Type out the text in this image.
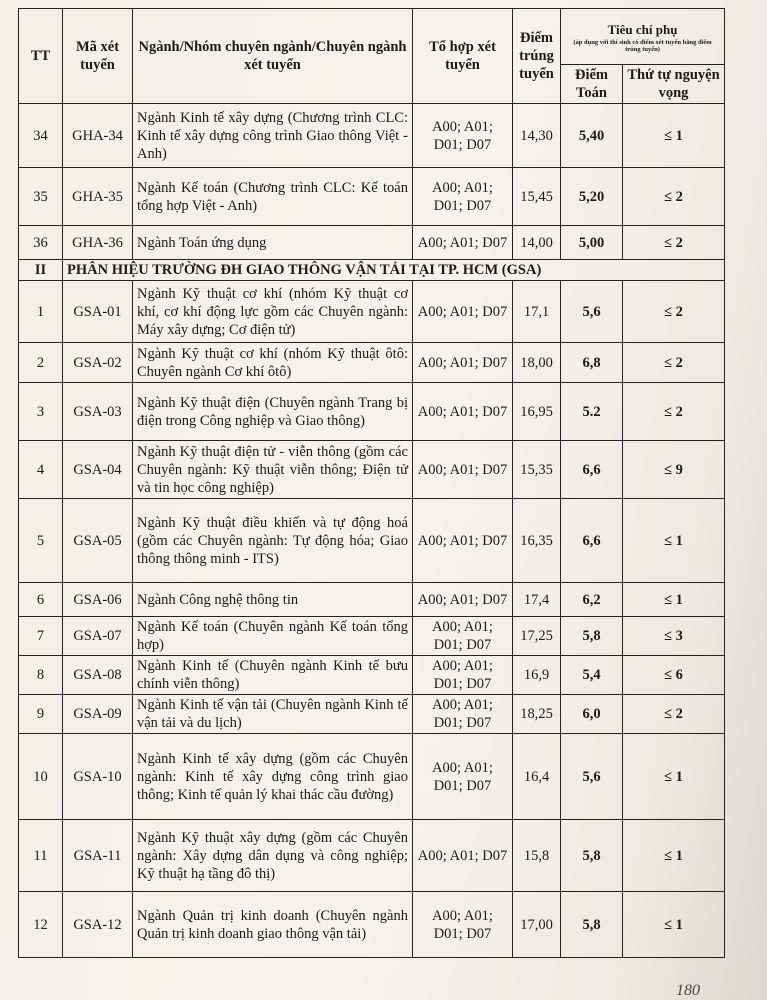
TT	Mã xét tuyển	Ngành/Nhóm chuyên ngành/Chuyên ngành xét tuyển	Tổ hợp xét tuyển	Điểm trúng tuyển	Tiêu chí phụ
(áp dụng với thí sinh có điểm xét tuyển bằng điểm trúng tuyển)	

					Điểm Toán	Thứ tự nguyện vọng
34	GHA-34	Ngành Kinh tế xây dựng (Chương trình CLC: Kinh tế xây dựng công trình Giao thông Việt - Anh)	A00; A01; D01; D07	14,30	5,40	≤ 1
35	GHA-35	Ngành Kế toán (Chương trình CLC: Kế toán tổng hợp Việt - Anh)	A00; A01; D01; D07	15,45	5,20	≤ 2
36	GHA-36	Ngành Toán ứng dụng	A00; A01; D07	14,00	5,00	≤ 2
II	PHÂN HIỆU TRƯỜNG ĐH GIAO THÔNG VẬN TẢI TẠI TP. HCM (GSA)					
1	GSA-01	Ngành Kỹ thuật cơ khí (nhóm Kỹ thuật cơ khí, cơ khí động lực gồm các Chuyên ngành: Máy xây dựng; Cơ điện tử)	A00; A01; D07	17,1	5,6	≤ 2
2	GSA-02	Ngành Kỹ thuật cơ khí (nhóm Kỹ thuật ôtô: Chuyên ngành Cơ khí ôtô)	A00; A01; D07	18,00	6,8	≤ 2
3	GSA-03	Ngành Kỹ thuật điện (Chuyên ngành Trang bị điện trong Công nghiệp và Giao thông)	A00; A01; D07	16,95	5.2	≤ 2
4	GSA-04	Ngành Kỹ thuật điện tử - viễn thông (gồm các Chuyên ngành: Kỹ thuật viễn thông; Điện tử và tin học công nghiệp)	A00; A01; D07	15,35	6,6	≤ 9
5	GSA-05	Ngành Kỹ thuật điều khiển và tự động hoá (gồm các Chuyên ngành: Tự động hóa; Giao thông thông minh - ITS)	A00; A01; D07	16,35	6,6	≤ 1
6	GSA-06	Ngành Công nghệ thông tin	A00; A01; D07	17,4	6,2	≤ 1
7	GSA-07	Ngành Kế toán (Chuyên ngành Kế toán tổng hợp)	A00; A01; D01; D07	17,25	5,8	≤ 3
8	GSA-08	Ngành Kinh tế (Chuyên ngành Kinh tế bưu chính viễn thông)	A00; A01; D01; D07	16,9	5,4	≤ 6
9	GSA-09	Ngành Kinh tế vận tải (Chuyên ngành Kinh tế vận tải và du lịch)	A00; A01; D01; D07	18,25	6,0	≤ 2
10	GSA-10	Ngành Kinh tế xây dựng (gồm các Chuyên ngành: Kinh tế xây dựng công trình giao thông; Kinh tế quản lý khai thác cầu đường)	A00; A01; D01; D07	16,4	5,6	≤ 1
11	GSA-11	Ngành Kỹ thuật xây dựng (gồm các Chuyên ngành: Xây dựng dân dụng và công nghiệp; Kỹ thuật hạ tầng đô thị)	A00; A01; D07	15,8	5,8	≤ 1
12	GSA-12	Ngành Quản trị kinh doanh (Chuyên ngành Quản trị kinh doanh giao thông vận tải)	A00; A01; D01; D07	17,00	5,8	≤ 1
180
